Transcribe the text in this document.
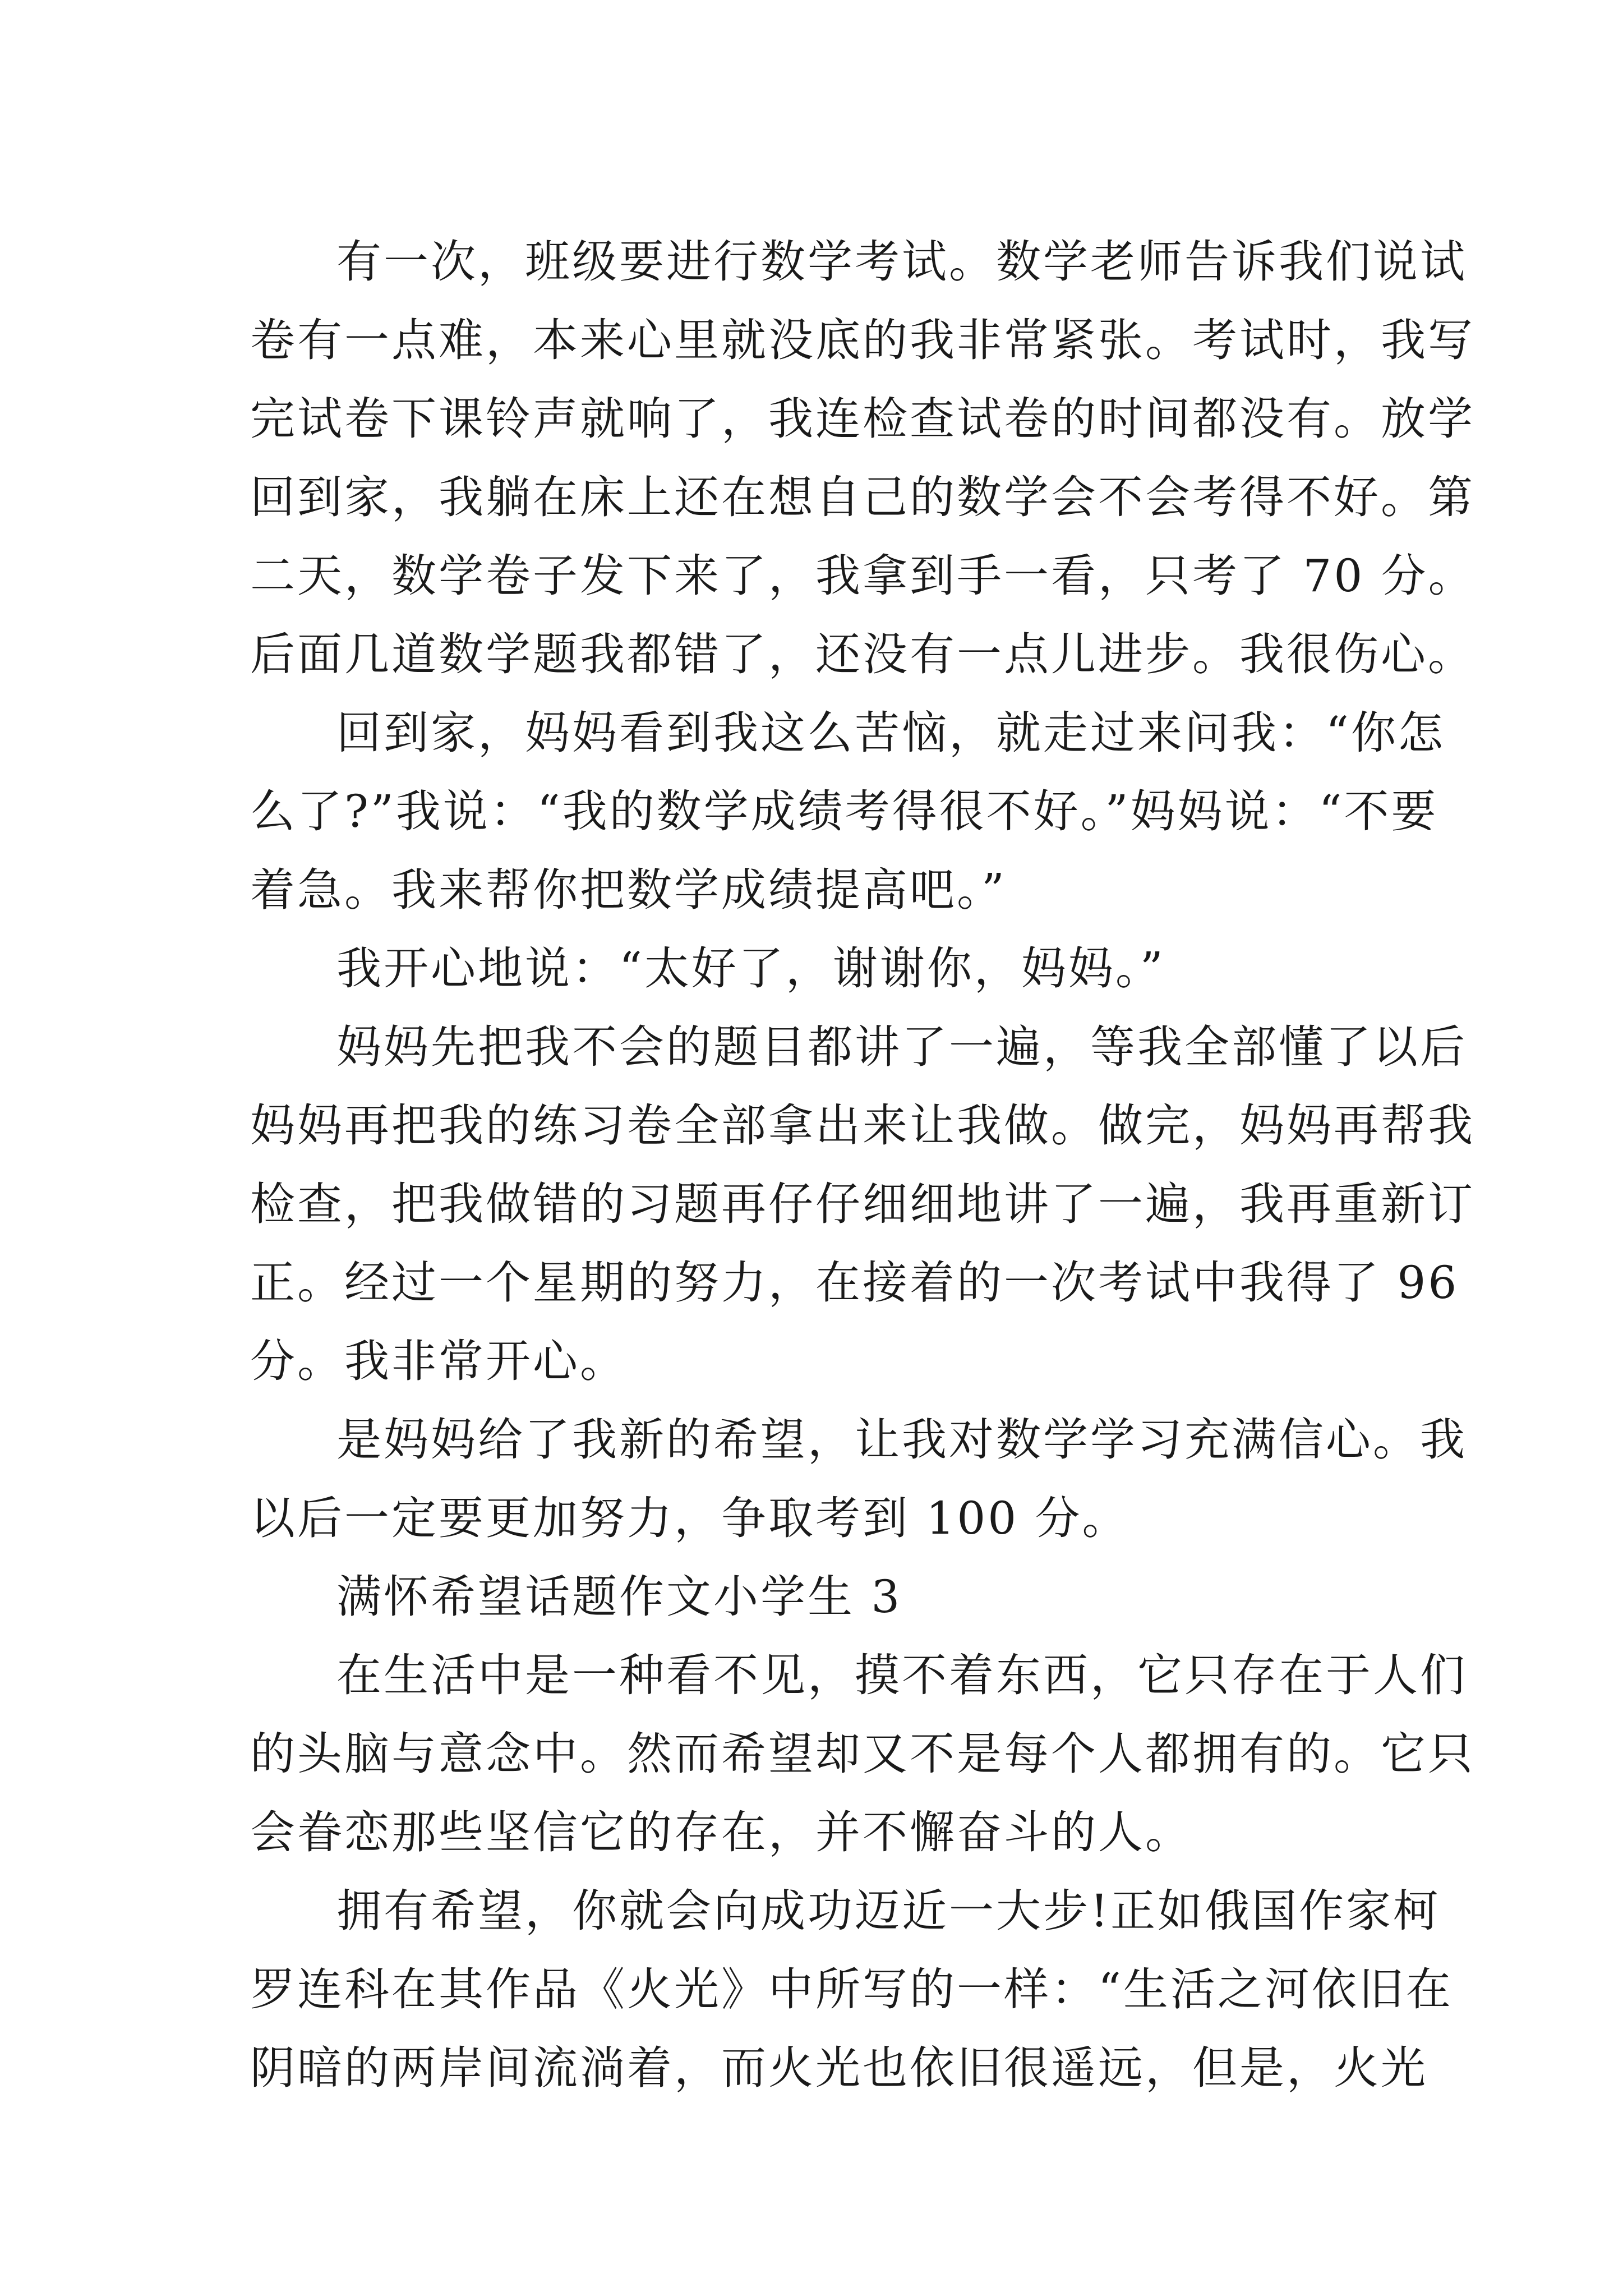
有一次，班级要进行数学考试。数学老师告诉我们说试
卷有一点难，本来心里就没底的我非常紧张。考试时，我写
完试卷下课铃声就响了，我连检查试卷的时间都没有。放学
回到家，我躺在床上还在想自己的数学会不会考得不好。第
二天，数学卷子发下来了，我拿到手一看，只考了 70 分。
后面几道数学题我都错了，还没有一点儿进步。我很伤心。
回到家，妈妈看到我这么苦恼，就走过来问我：“你怎
么了?”我说：“我的数学成绩考得很不好。”妈妈说：“不要
着急。我来帮你把数学成绩提高吧。”
我开心地说：“太好了，谢谢你，妈妈。”
妈妈先把我不会的题目都讲了一遍，等我全部懂了以后
妈妈再把我的练习卷全部拿出来让我做。做完，妈妈再帮我
检查，把我做错的习题再仔仔细细地讲了一遍，我再重新订
正。经过一个星期的努力，在接着的一次考试中我得了 96
分。我非常开心。
是妈妈给了我新的希望，让我对数学学习充满信心。我
以后一定要更加努力，争取考到 100 分。
满怀希望话题作文小学生 3
在生活中是一种看不见，摸不着东西，它只存在于人们
的头脑与意念中。然而希望却又不是每个人都拥有的。它只
会眷恋那些坚信它的存在，并不懈奋斗的人。
拥有希望，你就会向成功迈近一大步!正如俄国作家柯
罗连科在其作品《火光》中所写的一样：“生活之河依旧在
阴暗的两岸间流淌着，而火光也依旧很遥远，但是，火光
